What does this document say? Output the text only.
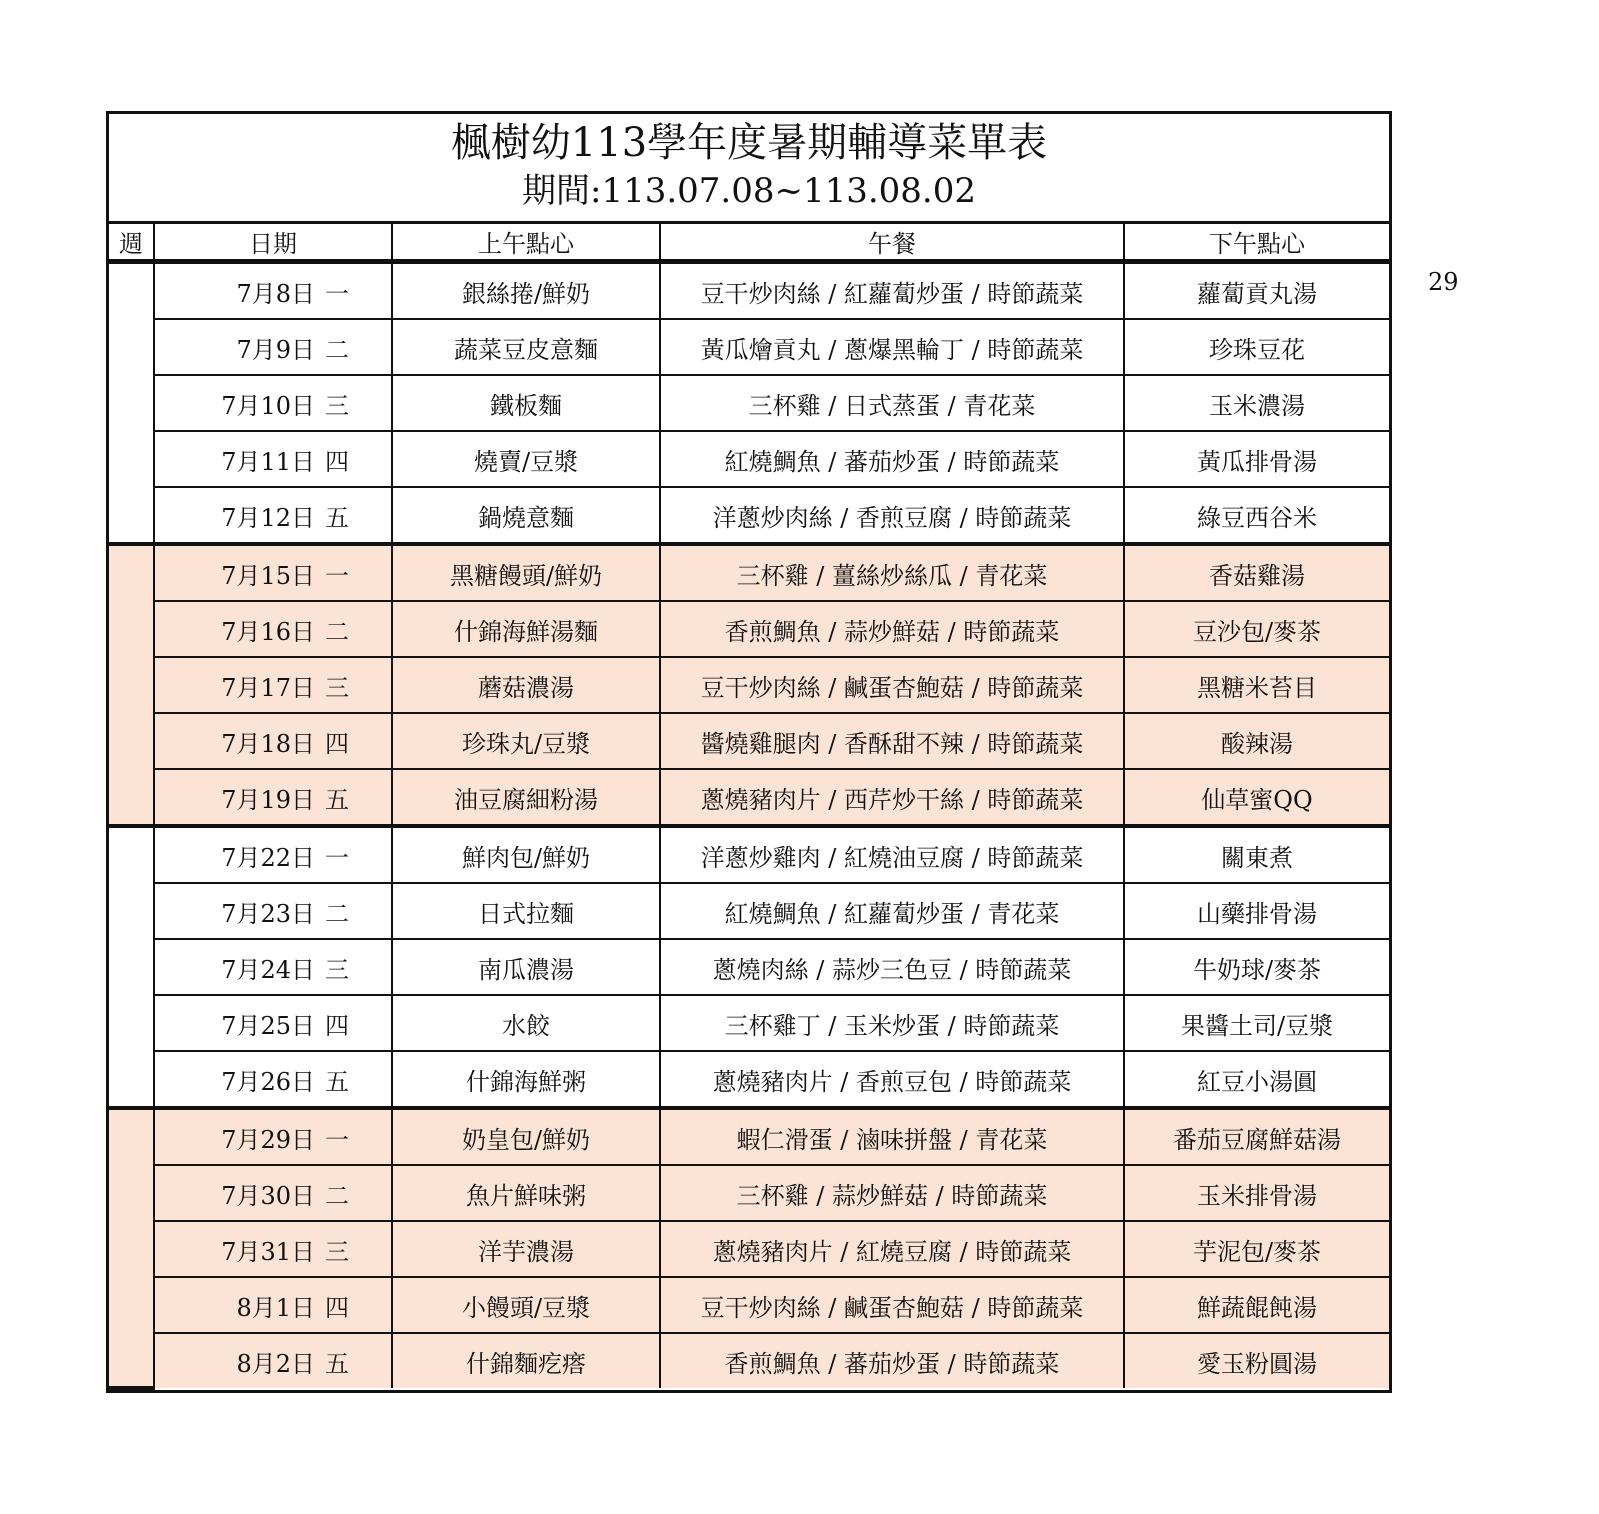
楓樹幼113學年度暑期輔導菜單表
期間:113.07.08~113.08.02
週	日期	上午點心	午餐	下午點心
	7月8日 一	銀絲捲/鮮奶	豆干炒肉絲 / 紅蘿蔔炒蛋 / 時節蔬菜	蘿蔔貢丸湯
	7月9日 二	蔬菜豆皮意麵	黃瓜燴貢丸 / 蔥爆黑輪丁 / 時節蔬菜	珍珠豆花
	7月10日 三	鐵板麵	三杯雞 / 日式蒸蛋 / 青花菜	玉米濃湯
	7月11日 四	燒賣/豆漿	紅燒鯛魚 / 蕃茄炒蛋 / 時節蔬菜	黃瓜排骨湯
	7月12日 五	鍋燒意麵	洋蔥炒肉絲 / 香煎豆腐 / 時節蔬菜	綠豆西谷米
	7月15日 一	黑糖饅頭/鮮奶	三杯雞 / 薑絲炒絲瓜 / 青花菜	香菇雞湯
	7月16日 二	什錦海鮮湯麵	香煎鯛魚 / 蒜炒鮮菇 / 時節蔬菜	豆沙包/麥茶
	7月17日 三	蘑菇濃湯	豆干炒肉絲 / 鹹蛋杏鮑菇 / 時節蔬菜	黑糖米苔目
	7月18日 四	珍珠丸/豆漿	醬燒雞腿肉 / 香酥甜不辣 / 時節蔬菜	酸辣湯
	7月19日 五	油豆腐細粉湯	蔥燒豬肉片 / 西芹炒干絲 / 時節蔬菜	仙草蜜QQ
	7月22日 一	鮮肉包/鮮奶	洋蔥炒雞肉 / 紅燒油豆腐 / 時節蔬菜	關東煮
	7月23日 二	日式拉麵	紅燒鯛魚 / 紅蘿蔔炒蛋 / 青花菜	山藥排骨湯
	7月24日 三	南瓜濃湯	蔥燒肉絲 / 蒜炒三色豆 / 時節蔬菜	牛奶球/麥茶
	7月25日 四	水餃	三杯雞丁 / 玉米炒蛋 / 時節蔬菜	果醬土司/豆漿
	7月26日 五	什錦海鮮粥	蔥燒豬肉片 / 香煎豆包 / 時節蔬菜	紅豆小湯圓
	7月29日 一	奶皇包/鮮奶	蝦仁滑蛋 / 滷味拼盤 / 青花菜	番茄豆腐鮮菇湯
	7月30日 二	魚片鮮味粥	三杯雞 / 蒜炒鮮菇 / 時節蔬菜	玉米排骨湯
	7月31日 三	洋芋濃湯	蔥燒豬肉片 / 紅燒豆腐 / 時節蔬菜	芋泥包/麥茶
	8月1日 四	小饅頭/豆漿	豆干炒肉絲 / 鹹蛋杏鮑菇 / 時節蔬菜	鮮蔬餛飩湯
	8月2日 五	什錦麵疙瘩	香煎鯛魚 / 蕃茄炒蛋 / 時節蔬菜	愛玉粉圓湯
29
